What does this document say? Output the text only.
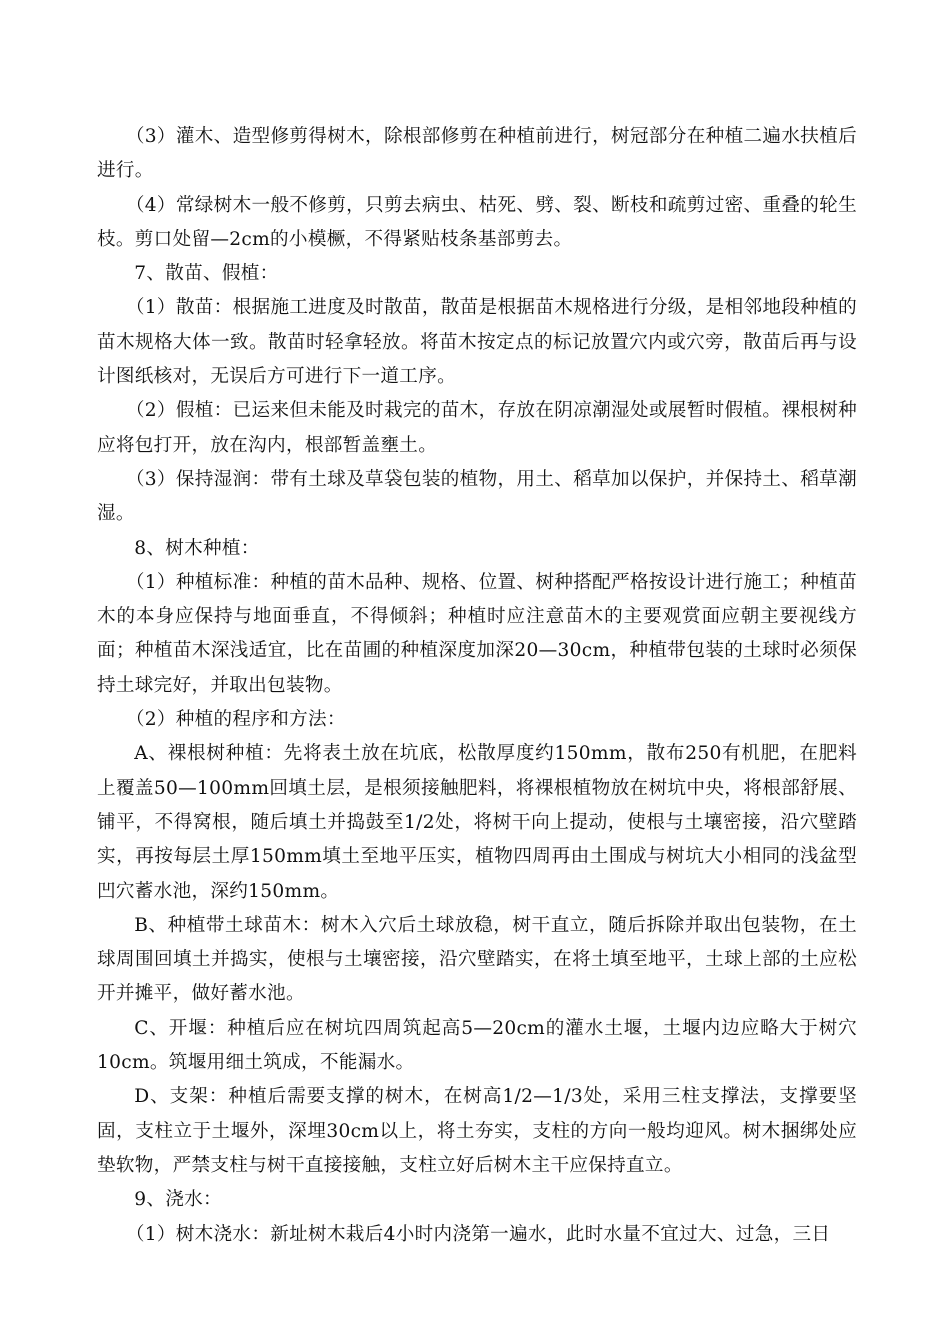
（3）灌木、造型修剪得树木，除根部修剪在种植前进行，树冠部分在种植二遍水扶植后进行。

（4）常绿树木一般不修剪，只剪去病虫、枯死、劈、裂、断枝和疏剪过密、重叠的轮生枝。剪口处留—2cm的小模橛，不得紧贴枝条基部剪去。

7、散苗、假植：

（1）散苗：根据施工进度及时散苗，散苗是根据苗木规格进行分级，是相邻地段种植的苗木规格大体一致。散苗时轻拿轻放。将苗木按定点的标记放置穴内或穴旁，散苗后再与设计图纸核对，无误后方可进行下一道工序。

（2）假植：已运来但未能及时栽完的苗木，存放在阴凉潮湿处或展暂时假植。裸根树种应将包打开，放在沟内，根部暂盖壅土。

（3）保持湿润：带有土球及草袋包装的植物，用土、稻草加以保护，并保持土、稻草潮湿。

8、树木种植：

（1）种植标准：种植的苗木品种、规格、位置、树种搭配严格按设计进行施工；种植苗木的本身应保持与地面垂直，不得倾斜；种植时应注意苗木的主要观赏面应朝主要视线方面；种植苗木深浅适宜，比在苗圃的种植深度加深20—30cm，种植带包装的土球时必须保持土球完好，并取出包装物。

（2）种植的程序和方法：

A、裸根树种植：先将表土放在坑底，松散厚度约150mm，散布250有机肥，在肥料上覆盖50—100mm回填土层，是根须接触肥料，将裸根植物放在树坑中央，将根部舒展、铺平，不得窝根，随后填土并捣鼓至1/2处，将树干向上提动，使根与土壤密接，沿穴壁踏实，再按每层土厚150mm填土至地平压实，植物四周再由土围成与树坑大小相同的浅盆型凹穴蓄水池，深约150mm。

B、种植带土球苗木：树木入穴后土球放稳，树干直立，随后拆除并取出包装物，在土球周围回填土并捣实，使根与土壤密接，沿穴壁踏实，在将土填至地平，土球上部的土应松开并摊平，做好蓄水池。

C、开堰：种植后应在树坑四周筑起高5—20cm的灌水土堰，土堰内边应略大于树穴10cm。筑堰用细土筑成，不能漏水。

D、支架：种植后需要支撑的树木，在树高1/2—1/3处，采用三柱支撑法，支撑要坚固，支柱立于土堰外，深埋30cm以上，将土夯实，支柱的方向一般均迎风。树木捆绑处应垫软物，严禁支柱与树干直接接触，支柱立好后树木主干应保持直立。

9、浇水：

（1）树木浇水：新址树木栽后4小时内浇第一遍水，此时水量不宜过大、过急，三日
